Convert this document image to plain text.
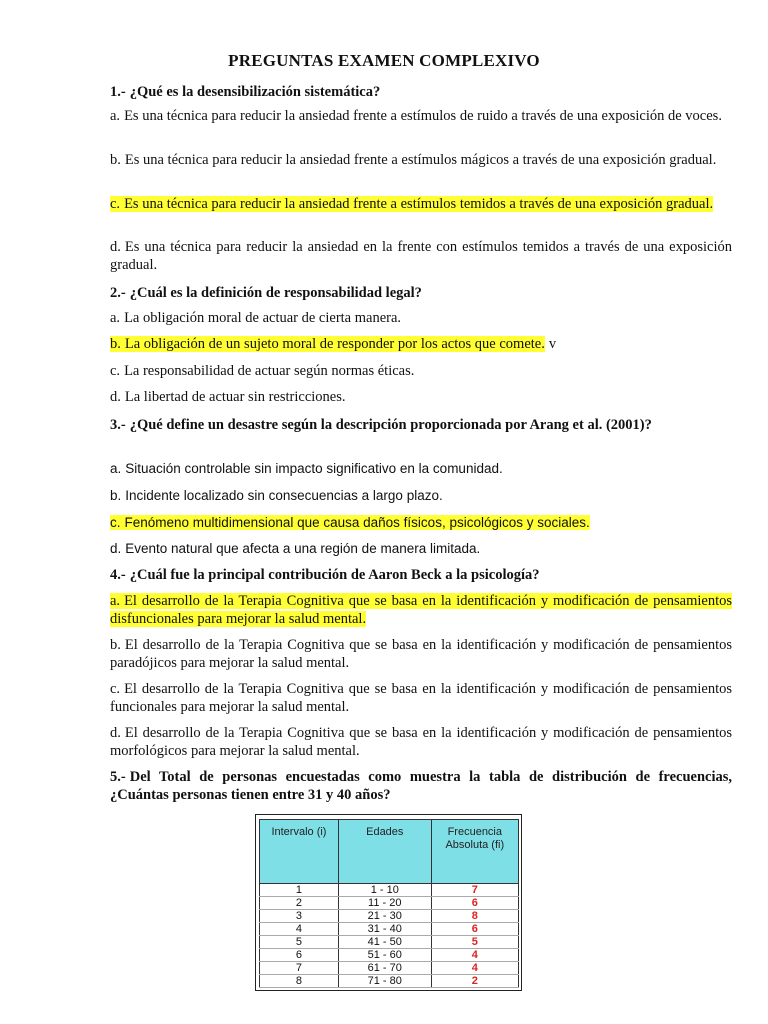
PREGUNTAS EXAMEN COMPLEXIVO
1.- ¿Qué es la desensibilización sistemática?
a. Es una técnica para reducir la ansiedad frente a estímulos de ruido a través de una exposición de voces.
b. Es una técnica para reducir la ansiedad frente a estímulos mágicos a través de una exposición gradual.
c. Es una técnica para reducir la ansiedad frente a estímulos temidos a través de una exposición gradual.
d. Es una técnica para reducir la ansiedad en la frente con estímulos temidos a través de una exposición gradual.
2.- ¿Cuál es la definición de responsabilidad legal?
a. La obligación moral de actuar de cierta manera.
b. La obligación de un sujeto moral de responder por los actos que comete. v
c. La responsabilidad de actuar según normas éticas.
d. La libertad de actuar sin restricciones.
3.- ¿Qué define un desastre según la descripción proporcionada por Arang et al. (2001)?
a. Situación controlable sin impacto significativo en la comunidad.
b. Incidente localizado sin consecuencias a largo plazo.
c. Fenómeno multidimensional que causa daños físicos, psicológicos y sociales.
d. Evento natural que afecta a una región de manera limitada.
4.- ¿Cuál fue la principal contribución de Aaron Beck a la psicología?
a. El desarrollo de la Terapia Cognitiva que se basa en la identificación y modificación de pensamientos disfuncionales para mejorar la salud mental.
b. El desarrollo de la Terapia Cognitiva que se basa en la identificación y modificación de pensamientos paradójicos para mejorar la salud mental.
c. El desarrollo de la Terapia Cognitiva que se basa en la identificación y modificación de pensamientos funcionales para mejorar la salud mental.
d. El desarrollo de la Terapia Cognitiva que se basa en la identificación y modificación de pensamientos morfológicos para mejorar la salud mental.
5.- Del Total de personas encuestadas como muestra la tabla de distribución de frecuencias, ¿Cuántas personas tienen entre 31 y 40 años?
Intervalo (i)	Edades	Frecuencia Absoluta (fi)
1	1 - 10	7
2	11 - 20	6
3	21 - 30	8
4	31 - 40	6
5	41 - 50	5
6	51 - 60	4
7	61 - 70	4
8	71 - 80	2
